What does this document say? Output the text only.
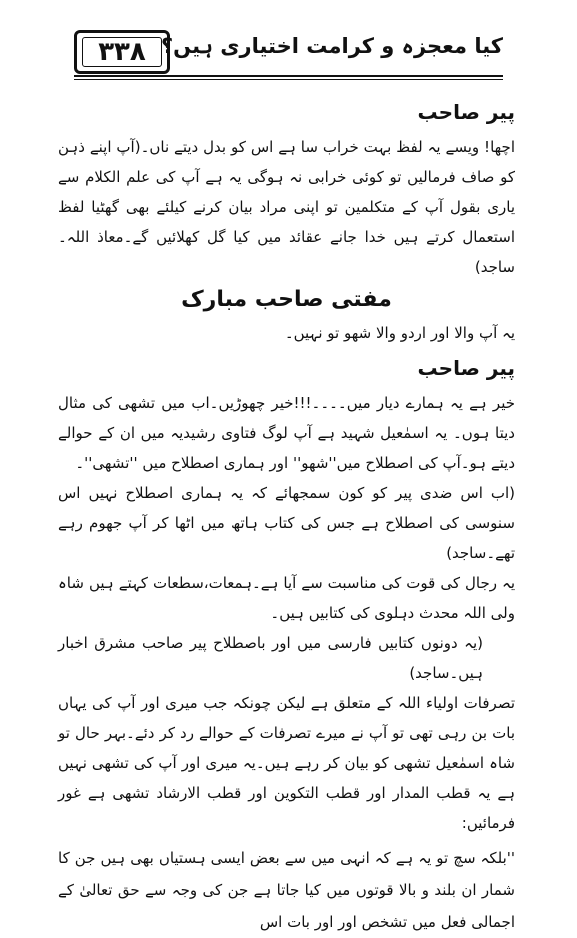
۳۳۸ کیا معجزہ و کرامت اختیاری ہیں؟

پیر صاحب

اچھا! ویسے یہ لفظ بہت خراب سا ہے اس کو بدل دیتے ناں۔(آپ اپنے ذہن کو صاف فرمالیں تو کوئی خرابی نہ ہوگی یہ ہے آپ کی علم الکلام سے یاری بقول آپ کے متکلمین تو اپنی مراد بیان کرنے کیلئے بھی گھٹیا لفظ استعمال کرتے ہیں خدا جانے عقائد میں کیا گل کھلائیں گے۔معاذ اللہ۔ساجد)

مفتی صاحب مبارک

یہ آپ والا اور اردو والا شھو تو نہیں۔

پیر صاحب

خیر ہے یہ ہمارے دیار میں۔۔۔۔!!!خیر چھوڑیں۔اب میں تشھی کی مثال دیتا ہوں۔ یہ اسمٰعیل شہید ہے آپ لوگ فتاوی رشیدیہ میں ان کے حوالے دیتے ہو۔آپ کی اصطلاح میں''شھو'' اور ہماری اصطلاح میں ''تشھی''۔

(اب اس ضدی پیر کو کون سمجھائے کہ یہ ہماری اصطلاح نہیں اس سنوسی کی اصطلاح ہے جس کی کتاب ہاتھ میں اٹھا کر آپ جھوم رہے تھے۔ساجد)

یہ رجال کی قوت کی مناسبت سے آیا ہے۔ہمعات،سطعات کہتے ہیں شاہ ولی اللہ محدث دہلوی کی کتابیں ہیں۔

(یہ دونوں کتابیں فارسی میں اور باصطلاح پیر صاحب مشرق اخبار ہیں۔ساجد)

تصرفات اولیاء اللہ کے متعلق ہے لیکن چونکہ جب میری اور آپ کی یہاں بات بن رہی تھی تو آپ نے میرے تصرفات کے حوالے رد کر دئے۔بہر حال تو شاہ اسمٰعیل تشھی کو بیان کر رہے ہیں۔یہ میری اور آپ کی تشھی نہیں ہے یہ قطب المدار اور قطب التکوین اور قطب الارشاد تشھی ہے غور فرمائیں:

''بلکہ سچ تو یہ ہے کہ انہی میں سے بعض ایسی ہستیاں بھی ہیں جن کا شمار ان بلند و بالا قوتوں میں کیا جاتا ہے جن کی وجہ سے حق تعالیٰ کے اجمالی فعل میں تشخص اور اور بات اس
